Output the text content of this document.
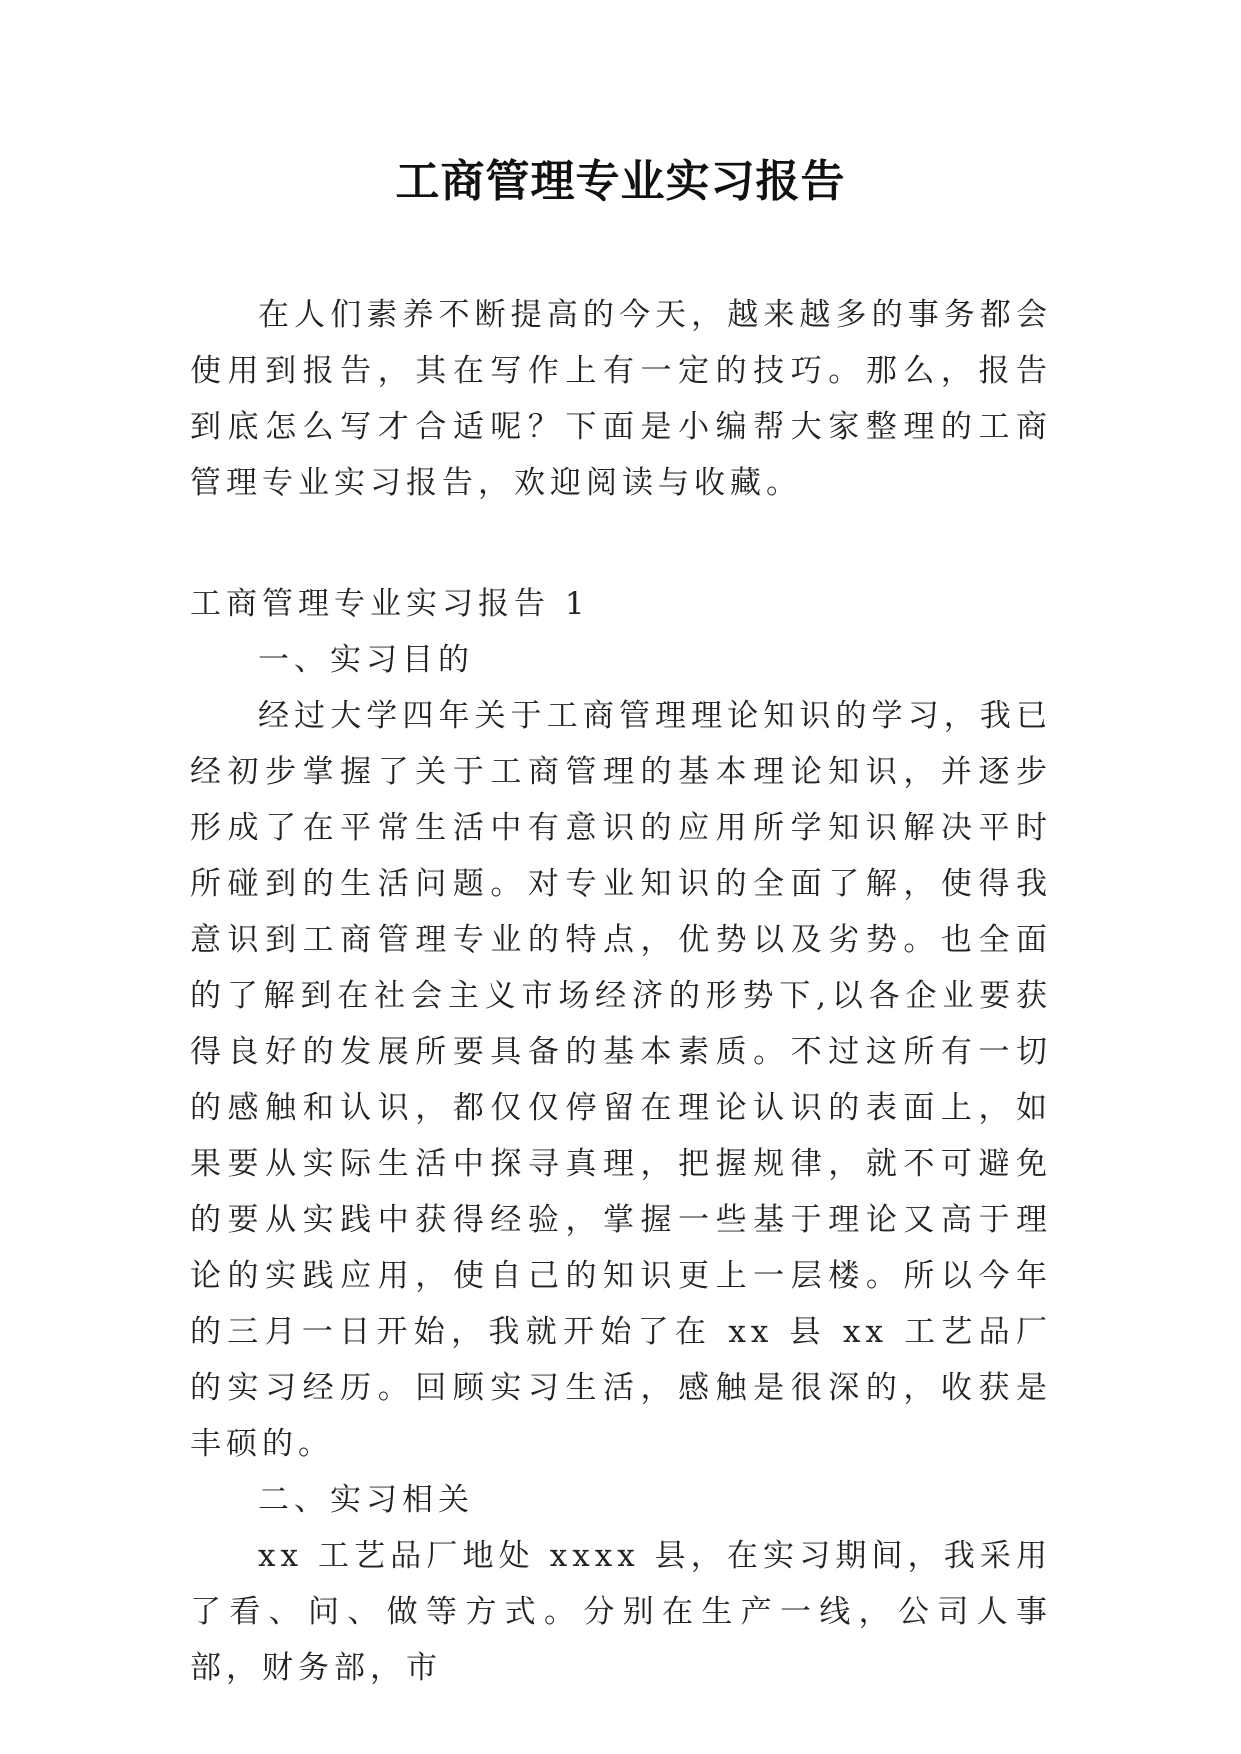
工商管理专业实习报告

在人们素养不断提高的今天，越来越多的事务都会使用到报告，其在写作上有一定的技巧。那么，报告到底怎么写才合适呢？下面是小编帮大家整理的工商管理专业实习报告，欢迎阅读与收藏。

工商管理专业实习报告 1

一、实习目的

经过大学四年关于工商管理理论知识的学习，我已经初步掌握了关于工商管理的基本理论知识，并逐步形成了在平常生活中有意识的应用所学知识解决平时所碰到的生活问题。对专业知识的全面了解，使得我意识到工商管理专业的特点，优势以及劣势。也全面的了解到在社会主义市场经济的形势下,以各企业要获得良好的发展所要具备的基本素质。不过这所有一切的感触和认识，都仅仅停留在理论认识的表面上，如果要从实际生活中探寻真理，把握规律，就不可避免的要从实践中获得经验，掌握一些基于理论又高于理论的实践应用，使自己的知识更上一层楼。所以今年的三月一日开始，我就开始了在 xx 县 xx 工艺品厂的实习经历。回顾实习生活，感触是很深的，收获是丰硕的。

二、实习相关

xx 工艺品厂地处 xxxx 县，在实习期间，我采用了看、问、做等方式。分别在生产一线，公司人事部，财务部，市
